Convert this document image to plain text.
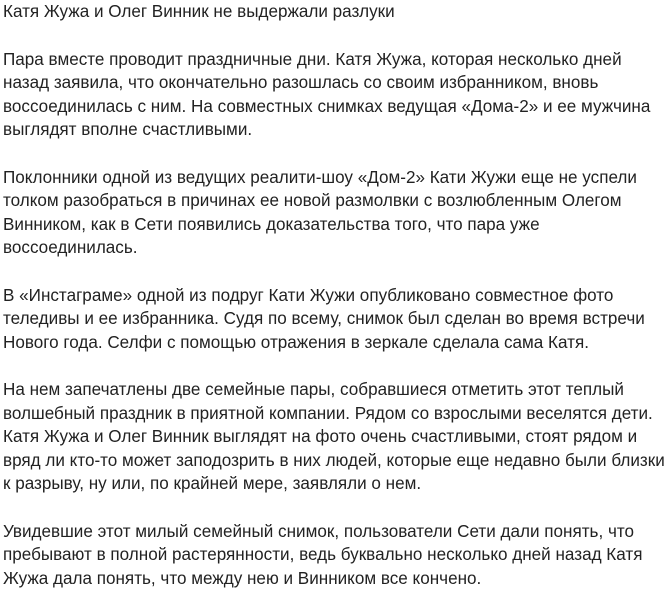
Катя Жужа и Олег Винник не выдержали разлуки

Пара вместе проводит праздничные дни. Катя Жужа, которая несколько дней назад заявила, что окончательно разошлась со своим избранником, вновь воссоединилась с ним. На совместных снимках ведущая «Дома-2» и ее мужчина выглядят вполне счастливыми.

Поклонники одной из ведущих реалити-шоу «Дом-2» Кати Жужи еще не успели толком разобраться в причинах ее новой размолвки с возлюбленным Олегом Винником, как в Сети появились доказательства того, что пара уже воссоединилась.

В «Инстаграме» одной из подруг Кати Жужи опубликовано совместное фото теледивы и ее избранника. Судя по всему, снимок был сделан во время встречи Нового года. Селфи с помощью отражения в зеркале сделала сама Катя.

На нем запечатлены две семейные пары, собравшиеся отметить этот теплый волшебный праздник в приятной компании. Рядом со взрослыми веселятся дети. Катя Жужа и Олег Винник выглядят на фото очень счастливыми, стоят рядом и вряд ли кто-то может заподозрить в них людей, которые еще недавно были близки к разрыву, ну или, по крайней мере, заявляли о нем.

Увидевшие этот милый семейный снимок, пользователи Сети дали понять, что пребывают в полной растерянности, ведь буквально несколько дней назад Катя Жужа дала понять, что между нею и Винником все кончено.
